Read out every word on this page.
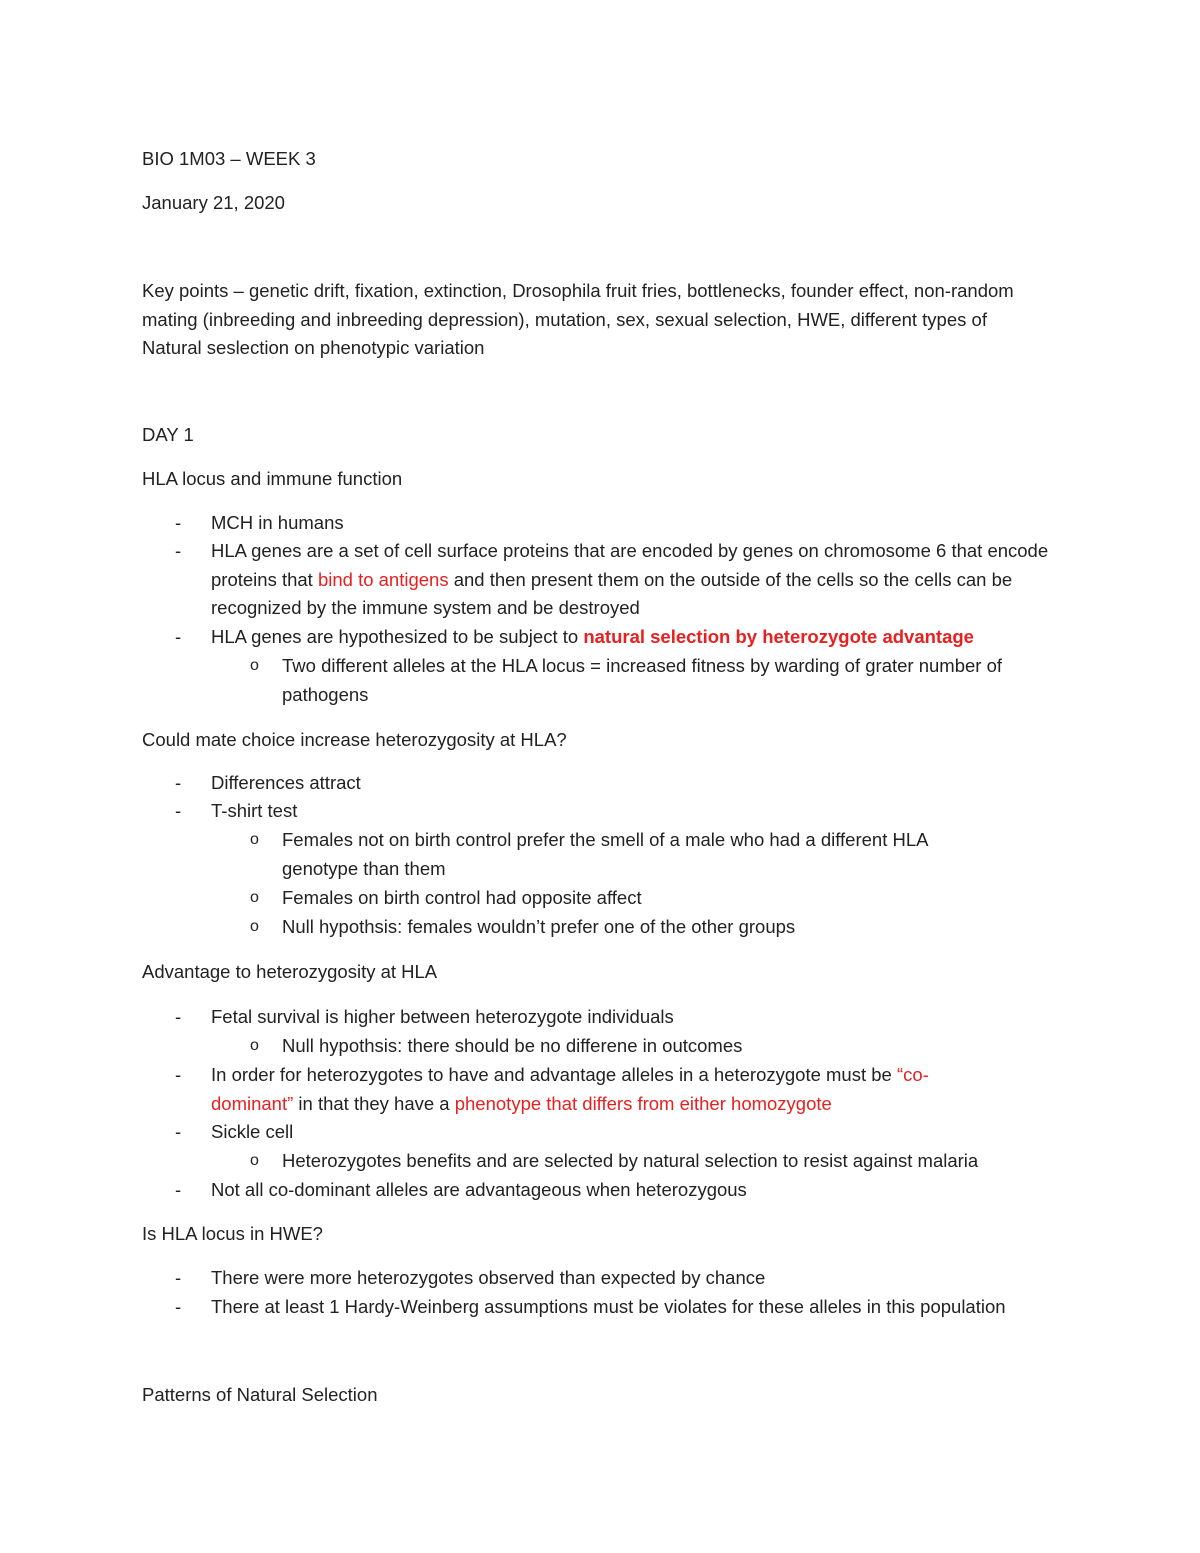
BIO 1M03 – WEEK 3

January 21, 2020

Key points – genetic drift, fixation, extinction, Drosophila fruit fries, bottlenecks, founder effect, non-random mating (inbreeding and inbreeding depression), mutation, sex, sexual selection, HWE, different types of Natural seslection on phenotypic variation

DAY 1

HLA locus and immune function

- MCH in humans
- HLA genes are a set of cell surface proteins that are encoded by genes on chromosome 6 that encode proteins that bind to antigens and then present them on the outside of the cells so the cells can be recognized by the immune system and be destroyed
- HLA genes are hypothesized to be subject to natural selection by heterozygote advantage
o Two different alleles at the HLA locus = increased fitness by warding of grater number of pathogens

Could mate choice increase heterozygosity at HLA?

- Differences attract
- T-shirt test
o Females not on birth control prefer the smell of a male who had a different HLA genotype than them
o Females on birth control had opposite affect
o Null hypothsis: females wouldn’t prefer one of the other groups

Advantage to heterozygosity at HLA

- Fetal survival is higher between heterozygote individuals
o Null hypothsis: there should be no differene in outcomes
- In order for heterozygotes to have and advantage alleles in a heterozygote must be “co-dominant” in that they have a phenotype that differs from either homozygote
- Sickle cell
o Heterozygotes benefits and are selected by natural selection to resist against malaria
- Not all co-dominant alleles are advantageous when heterozygous

Is HLA locus in HWE?

- There were more heterozygotes observed than expected by chance
- There at least 1 Hardy-Weinberg assumptions must be violates for these alleles in this population

Patterns of Natural Selection
